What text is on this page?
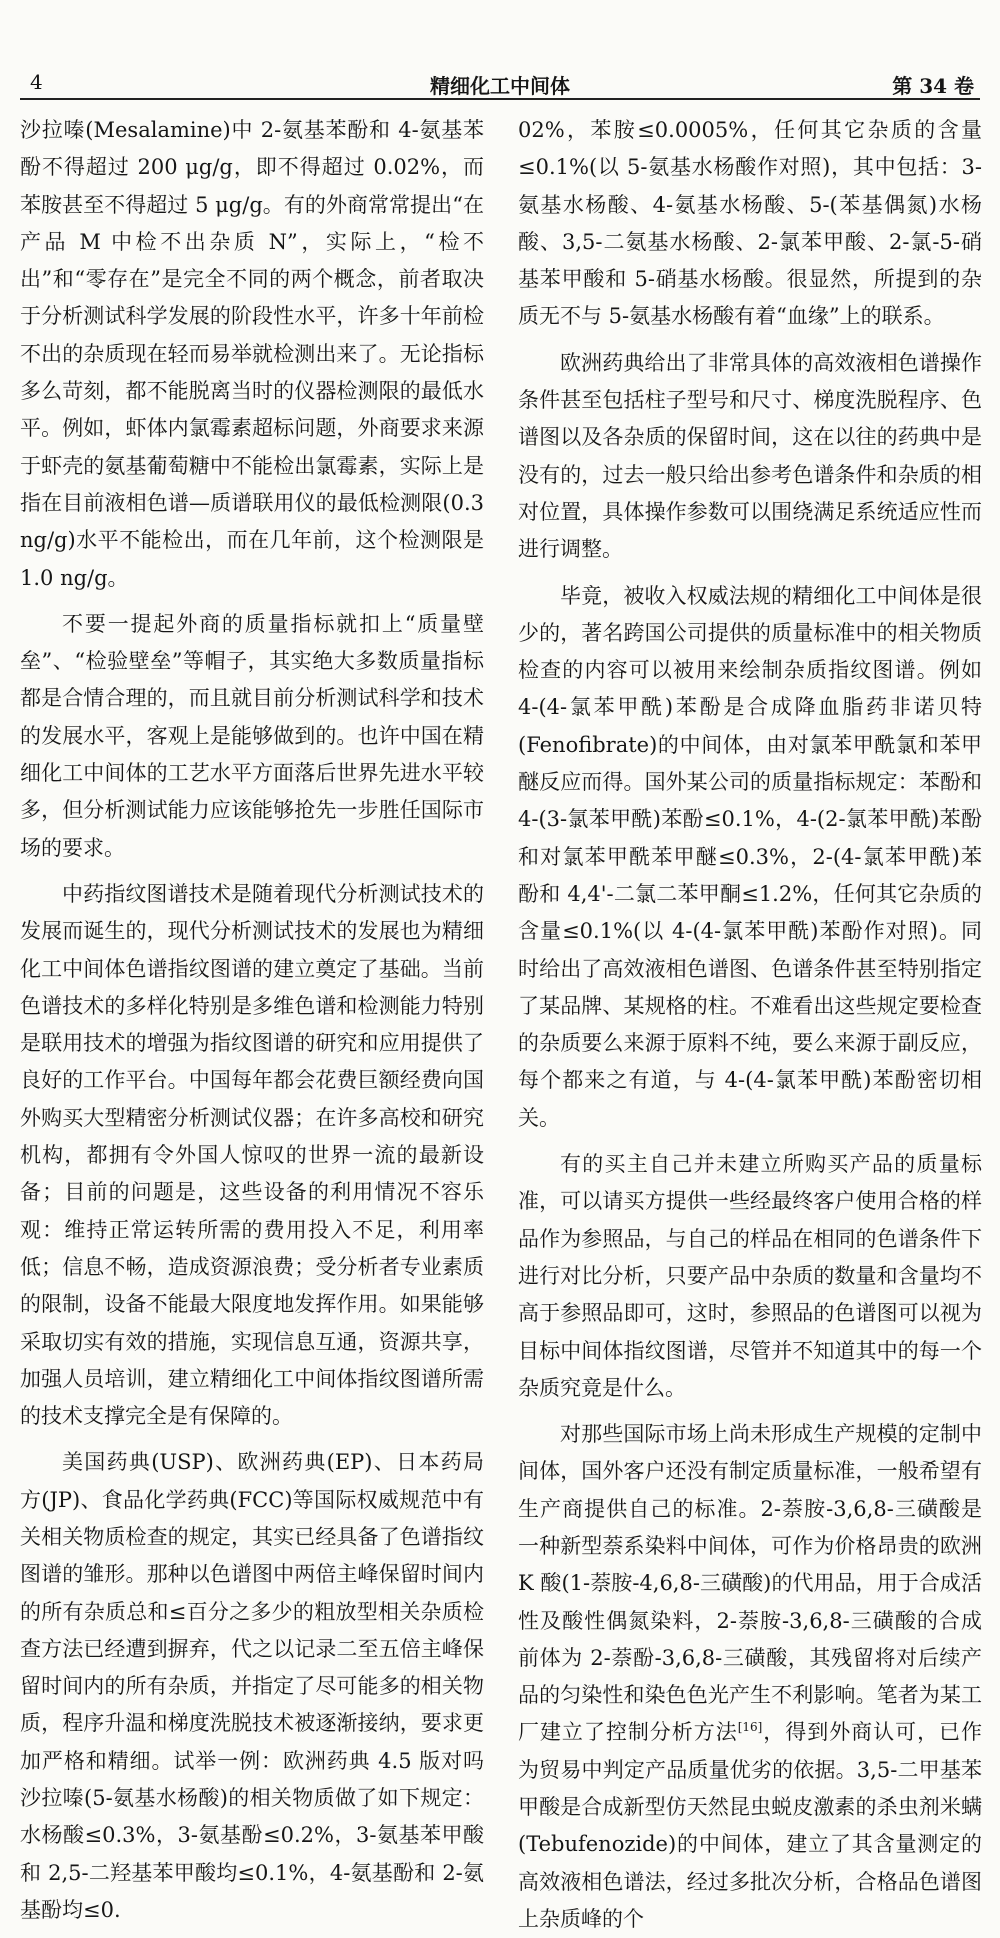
4	精细化工中间体	第 34 卷

沙拉嗪(Mesalamine)中 2-氨基苯酚和 4-氨基苯酚不得超过 200 μg/g，即不得超过 0.02%，而苯胺甚至不得超过 5 μg/g。有的外商常常提出“在产品 M 中检不出杂质 N”，实际上，“检不出”和“零存在”是完全不同的两个概念，前者取决于分析测试科学发展的阶段性水平，许多十年前检不出的杂质现在轻而易举就检测出来了。无论指标多么苛刻，都不能脱离当时的仪器检测限的最低水平。例如，虾体内氯霉素超标问题，外商要求来源于虾壳的氨基葡萄糖中不能检出氯霉素，实际上是指在目前液相色谱—质谱联用仪的最低检测限(0.3 ng/g)水平不能检出，而在几年前，这个检测限是 1.0 ng/g。

不要一提起外商的质量指标就扣上“质量壁垒”、“检验壁垒”等帽子，其实绝大多数质量指标都是合情合理的，而且就目前分析测试科学和技术的发展水平，客观上是能够做到的。也许中国在精细化工中间体的工艺水平方面落后世界先进水平较多，但分析测试能力应该能够抢先一步胜任国际市场的要求。

中药指纹图谱技术是随着现代分析测试技术的发展而诞生的，现代分析测试技术的发展也为精细化工中间体色谱指纹图谱的建立奠定了基础。当前色谱技术的多样化特别是多维色谱和检测能力特别是联用技术的增强为指纹图谱的研究和应用提供了良好的工作平台。中国每年都会花费巨额经费向国外购买大型精密分析测试仪器；在许多高校和研究机构，都拥有令外国人惊叹的世界一流的最新设备；目前的问题是，这些设备的利用情况不容乐观：维持正常运转所需的费用投入不足，利用率低；信息不畅，造成资源浪费；受分析者专业素质的限制，设备不能最大限度地发挥作用。如果能够采取切实有效的措施，实现信息互通，资源共享，加强人员培训，建立精细化工中间体指纹图谱所需的技术支撑完全是有保障的。

美国药典(USP)、欧洲药典(EP)、日本药局方(JP)、食品化学药典(FCC)等国际权威规范中有关相关物质检查的规定，其实已经具备了色谱指纹图谱的雏形。那种以色谱图中两倍主峰保留时间内的所有杂质总和≤百分之多少的粗放型相关杂质检查方法已经遭到摒弃，代之以记录二至五倍主峰保留时间内的所有杂质，并指定了尽可能多的相关物质，程序升温和梯度洗脱技术被逐渐接纳，要求更加严格和精细。试举一例：欧洲药典 4.5 版对吗沙拉嗪(5-氨基水杨酸)的相关物质做了如下规定：水杨酸≤0.3%，3-氨基酚≤0.2%，3-氨基苯甲酸和 2,5-二羟基苯甲酸均≤0.1%，4-氨基酚和 2-氨基酚均≤0.

02%，苯胺≤0.0005%，任何其它杂质的含量≤0.1%(以 5-氨基水杨酸作对照)，其中包括：3-氨基水杨酸、4-氨基水杨酸、5-(苯基偶氮)水杨酸、3,5-二氨基水杨酸、2-氯苯甲酸、2-氯-5-硝基苯甲酸和 5-硝基水杨酸。很显然，所提到的杂质无不与 5-氨基水杨酸有着“血缘”上的联系。

欧洲药典给出了非常具体的高效液相色谱操作条件甚至包括柱子型号和尺寸、梯度洗脱程序、色谱图以及各杂质的保留时间，这在以往的药典中是没有的，过去一般只给出参考色谱条件和杂质的相对位置，具体操作参数可以围绕满足系统适应性而进行调整。

毕竟，被收入权威法规的精细化工中间体是很少的，著名跨国公司提供的质量标准中的相关物质检查的内容可以被用来绘制杂质指纹图谱。例如 4-(4-氯苯甲酰)苯酚是合成降血脂药非诺贝特(Fenofibrate)的中间体，由对氯苯甲酰氯和苯甲醚反应而得。国外某公司的质量指标规定：苯酚和 4-(3-氯苯甲酰)苯酚≤0.1%，4-(2-氯苯甲酰)苯酚和对氯苯甲酰苯甲醚≤0.3%，2-(4-氯苯甲酰)苯酚和 4,4'-二氯二苯甲酮≤1.2%，任何其它杂质的含量≤0.1%(以 4-(4-氯苯甲酰)苯酚作对照)。同时给出了高效液相色谱图、色谱条件甚至特别指定了某品牌、某规格的柱。不难看出这些规定要检查的杂质要么来源于原料不纯，要么来源于副反应，每个都来之有道，与 4-(4-氯苯甲酰)苯酚密切相关。

有的买主自己并未建立所购买产品的质量标准，可以请买方提供一些经最终客户使用合格的样品作为参照品，与自己的样品在相同的色谱条件下进行对比分析，只要产品中杂质的数量和含量均不高于参照品即可，这时，参照品的色谱图可以视为目标中间体指纹图谱，尽管并不知道其中的每一个杂质究竟是什么。

对那些国际市场上尚未形成生产规模的定制中间体，国外客户还没有制定质量标准，一般希望有生产商提供自己的标准。2-萘胺-3,6,8-三磺酸是一种新型萘系染料中间体，可作为价格昂贵的欧洲 K 酸(1-萘胺-4,6,8-三磺酸)的代用品，用于合成活性及酸性偶氮染料，2-萘胺-3,6,8-三磺酸的合成前体为 2-萘酚-3,6,8-三磺酸，其残留将对后续产品的匀染性和染色色光产生不利影响。笔者为某工厂建立了控制分析方法[16]，得到外商认可，已作为贸易中判定产品质量优劣的依据。3,5-二甲基苯甲酸是合成新型仿天然昆虫蜕皮激素的杀虫剂米螨(Tebufenozide)的中间体，建立了其含量测定的高效液相色谱法，经过多批次分析，合格品色谱图上杂质峰的个
